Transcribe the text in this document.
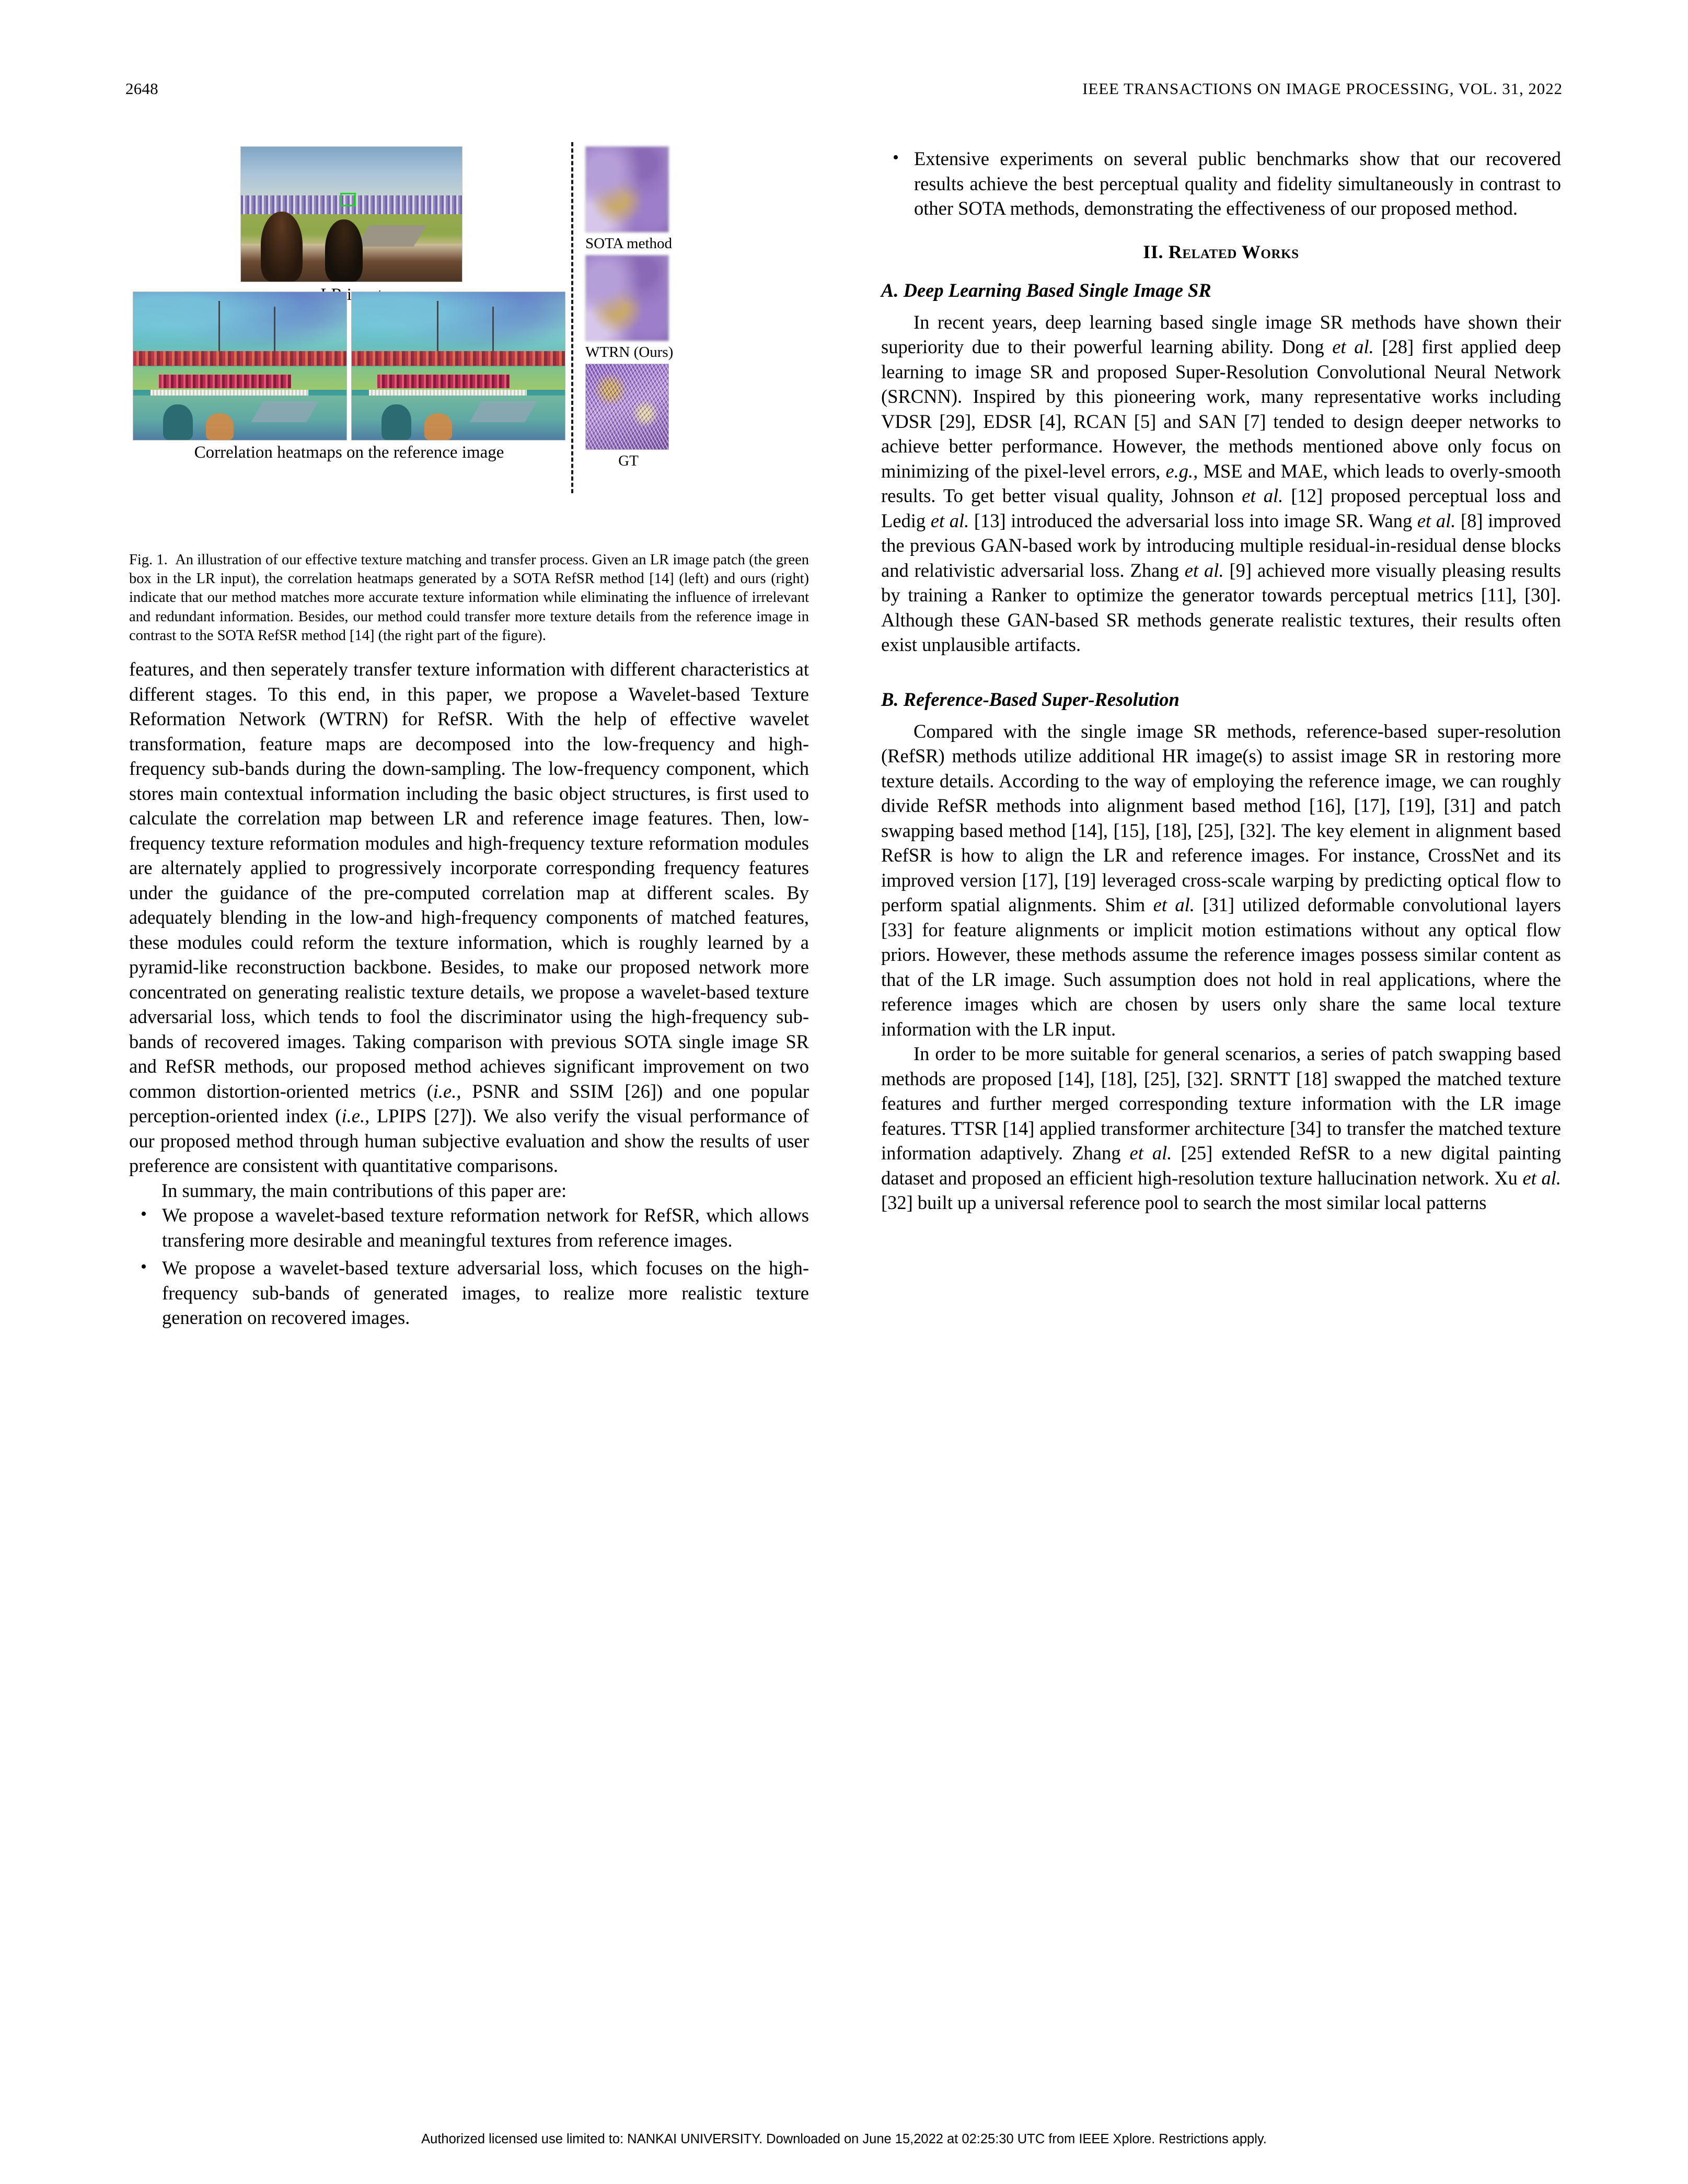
2648	IEEE TRANSACTIONS ON IMAGE PROCESSING, VOL. 31, 2022
Correlation heatmaps on the reference image
SOTA method
WTRN (Ours)
GT
Fig. 1. An illustration of our effective texture matching and transfer process. Given an LR image patch (the green box in the LR input), the correlation heatmaps generated by a SOTA RefSR method [14] (left) and ours (right) indicate that our method matches more accurate texture information while eliminating the influence of irrelevant and redundant information. Besides, our method could transfer more texture details from the reference image in contrast to the SOTA RefSR method [14] (the right part of the figure).

features, and then seperately transfer texture information with different characteristics at different stages. To this end, in this paper, we propose a Wavelet-based Texture Reformation Network (WTRN) for RefSR. With the help of effective wavelet transformation, feature maps are decomposed into the low-frequency and high-frequency sub-bands during the down-sampling. The low-frequency component, which stores main contextual information including the basic object structures, is first used to calculate the correlation map between LR and reference image features. Then, low-frequency texture reformation modules and high-frequency texture reformation modules are alternately applied to progressively incorporate corresponding frequency features under the guidance of the pre-computed correlation map at different scales. By adequately blending in the low-and high-frequency components of matched features, these modules could reform the texture information, which is roughly learned by a pyramid-like reconstruction backbone. Besides, to make our proposed network more concentrated on generating realistic texture details, we propose a wavelet-based texture adversarial loss, which tends to fool the discriminator using the high-frequency sub-bands of recovered images. Taking comparison with previous SOTA single image SR and RefSR methods, our proposed method achieves significant improvement on two common distortion-oriented metrics (i.e., PSNR and SSIM [26]) and one popular perception-oriented index (i.e., LPIPS [27]). We also verify the visual performance of our proposed method through human subjective evaluation and show the results of user preference are consistent with quantitative comparisons.

In summary, the main contributions of this paper are:

• We propose a wavelet-based texture reformation network for RefSR, which allows transfering more desirable and meaningful textures from reference images.
• We propose a wavelet-based texture adversarial loss, which focuses on the high-frequency sub-bands of generated images, to realize more realistic texture generation on recovered images.
• Extensive experiments on several public benchmarks show that our recovered results achieve the best perceptual quality and fidelity simultaneously in contrast to other SOTA methods, demonstrating the effectiveness of our proposed method.
II. Related Works
A. Deep Learning Based Single Image SR

In recent years, deep learning based single image SR methods have shown their superiority due to their powerful learning ability. Dong et al. [28] first applied deep learning to image SR and proposed Super-Resolution Convolutional Neural Network (SRCNN). Inspired by this pioneering work, many representative works including VDSR [29], EDSR [4], RCAN [5] and SAN [7] tended to design deeper networks to achieve better performance. However, the methods mentioned above only focus on minimizing of the pixel-level errors, e.g., MSE and MAE, which leads to overly-smooth results. To get better visual quality, Johnson et al. [12] proposed perceptual loss and Ledig et al. [13] introduced the adversarial loss into image SR. Wang et al. [8] improved the previous GAN-based work by introducing multiple residual-in-residual dense blocks and relativistic adversarial loss. Zhang et al. [9] achieved more visually pleasing results by training a Ranker to optimize the generator towards perceptual metrics [11], [30]. Although these GAN-based SR methods generate realistic textures, their results often exist unplausible artifacts.

B. Reference-Based Super-Resolution

Compared with the single image SR methods, reference-based super-resolution (RefSR) methods utilize additional HR image(s) to assist image SR in restoring more texture details. According to the way of employing the reference image, we can roughly divide RefSR methods into alignment based method [16], [17], [19], [31] and patch swapping based method [14], [15], [18], [25], [32]. The key element in alignment based RefSR is how to align the LR and reference images. For instance, CrossNet and its improved version [17], [19] leveraged cross-scale warping by predicting optical flow to perform spatial alignments. Shim et al. [31] utilized deformable convolutional layers [33] for feature alignments or implicit motion estimations without any optical flow priors. However, these methods assume the reference images possess similar content as that of the LR image. Such assumption does not hold in real applications, where the reference images which are chosen by users only share the same local texture information with the LR input.

In order to be more suitable for general scenarios, a series of patch swapping based methods are proposed [14], [18], [25], [32]. SRNTT [18] swapped the matched texture features and further merged corresponding texture information with the LR image features. TTSR [14] applied transformer architecture [34] to transfer the matched texture information adaptively. Zhang et al. [25] extended RefSR to a new digital painting dataset and proposed an efficient high-resolution texture hallucination network. Xu et al. [32] built up a universal reference pool to search the most similar local patterns

Authorized licensed use limited to: NANKAI UNIVERSITY. Downloaded on June 15,2022 at 02:25:30 UTC from IEEE Xplore. Restrictions apply.
